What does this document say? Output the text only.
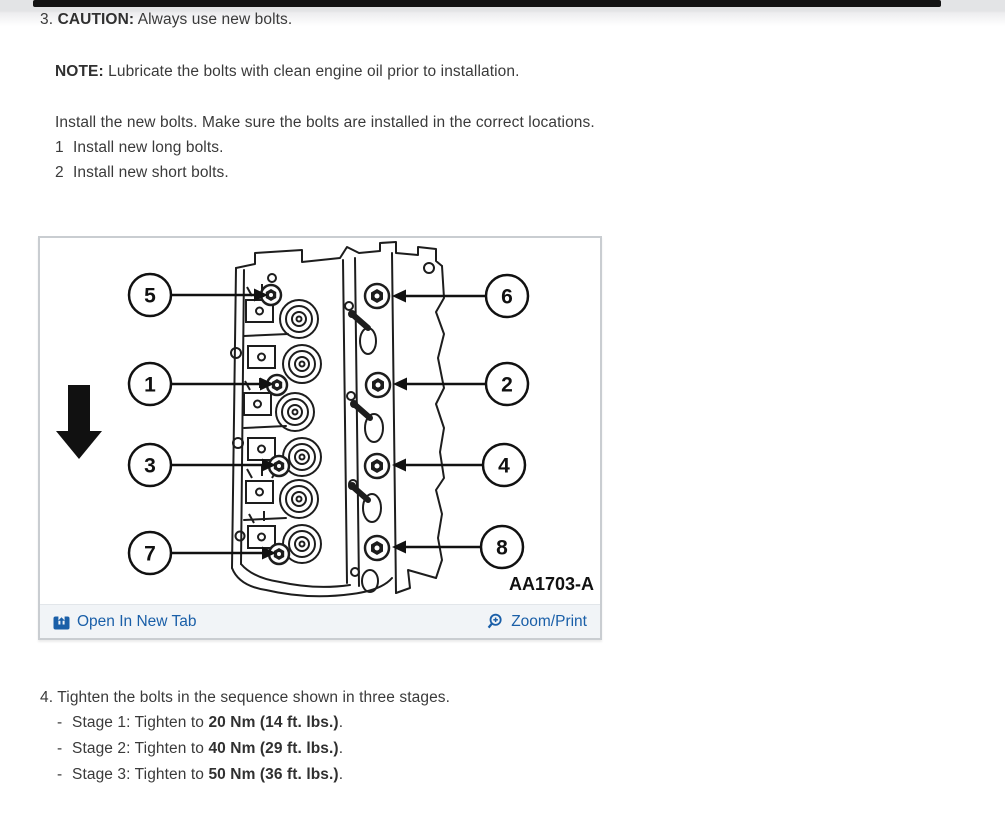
3. CAUTION: Always use new bolts.
NOTE: Lubricate the bolts with clean engine oil prior to installation.
Install the new bolts. Make sure the bolts are installed in the correct locations.
1 Install new long bolts.
2 Install new short bolts.
5	6
1	2
3	4
7	8
AA1703-A
Open In New Tab	Zoom/Print
4. Tighten the bolts in the sequence shown in three stages.
- Stage 1: Tighten to 20 Nm (14 ft. lbs.).
- Stage 2: Tighten to 40 Nm (29 ft. lbs.).
- Stage 3: Tighten to 50 Nm (36 ft. lbs.).
